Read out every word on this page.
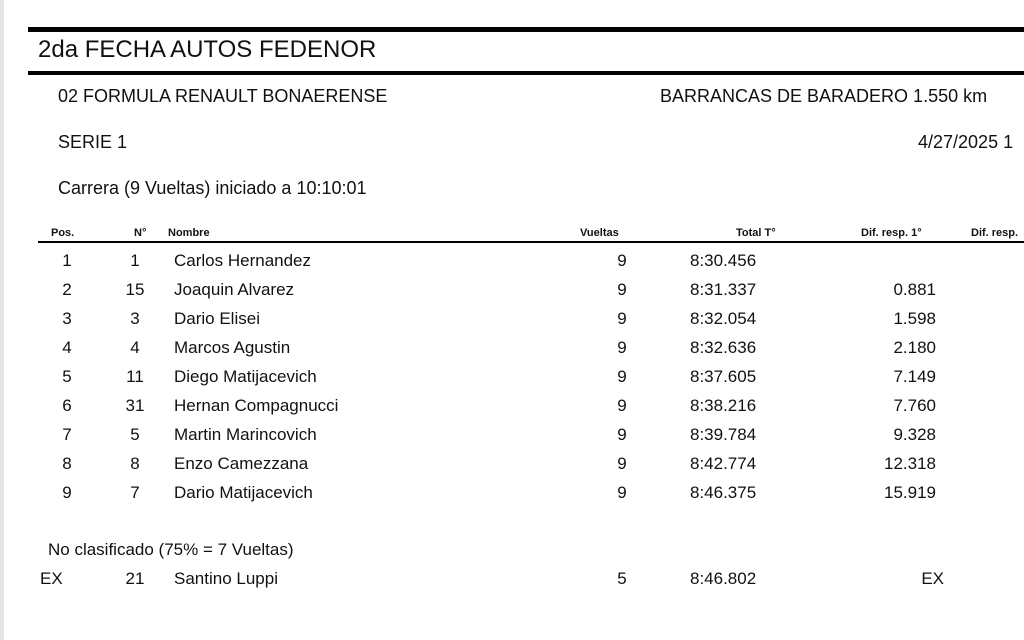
2da FECHA AUTOS FEDENOR
02 FORMULA RENAULT BONAERENSE	BARRANCAS DE BARADERO 1.550 km
SERIE 1	4/27/2025 1
Carrera (9 Vueltas) iniciado a 10:10:01
Pos.	N° Nombre	Vueltas	Total T°	Dif. resp. 1°	Dif. resp.
1	1	Carlos Hernandez	9	8:30.456
2	15	Joaquin Alvarez	9	8:31.337	0.881
3	3	Dario Elisei	9	8:32.054	1.598
4	4	Marcos Agustin	9	8:32.636	2.180
5	11	Diego Matijacevich	9	8:37.605	7.149
6	31	Hernan Compagnucci	9	8:38.216	7.760
7	5	Martin Marincovich	9	8:39.784	9.328
8	8	Enzo Camezzana	9	8:42.774	12.318
9	7	Dario Matijacevich	9	8:46.375	15.919
No clasificado (75% = 7 Vueltas)
EX	21	Santino Luppi	5	8:46.802	EX
